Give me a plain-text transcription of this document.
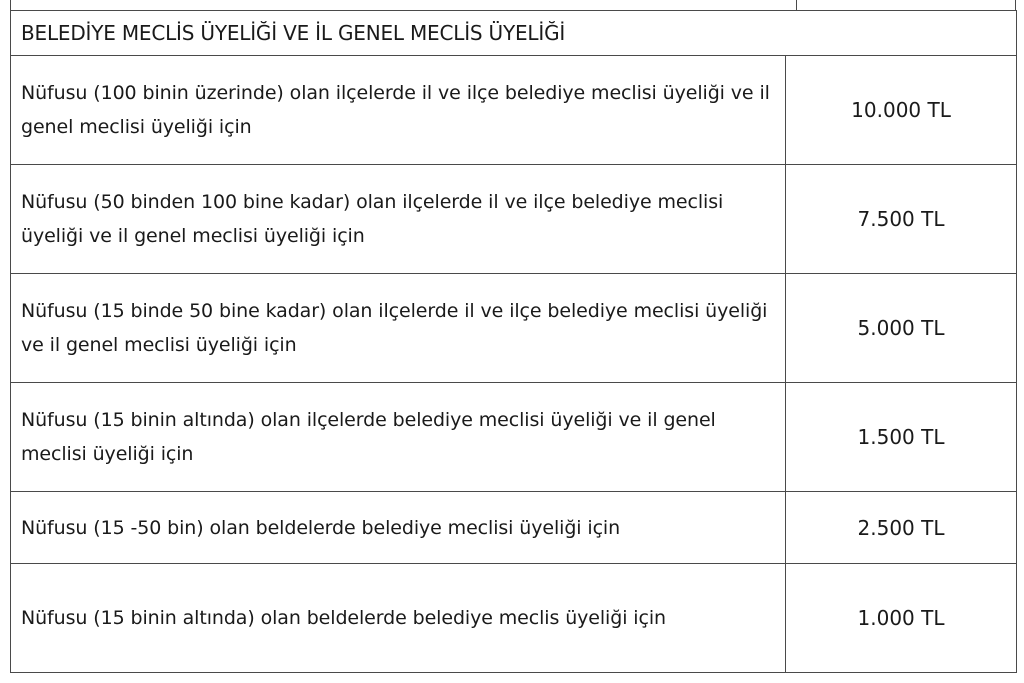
BELEDİYE MECLİS ÜYELİĞİ VE İL GENEL MECLİS ÜYELİĞİ	
Nüfusu (100 binin üzerinde) olan ilçelerde il ve ilçe belediye meclisi üyeliği ve il genel meclisi üyeliği için	10.000 TL
Nüfusu (50 binden 100 bine kadar) olan ilçelerde il ve ilçe belediye meclisi üyeliği ve il genel meclisi üyeliği için	7.500 TL
Nüfusu (15 binde 50 bine kadar) olan ilçelerde il ve ilçe belediye meclisi üyeliği ve il genel meclisi üyeliği için	5.000 TL
Nüfusu (15 binin altında) olan ilçelerde belediye meclisi üyeliği ve il genel meclisi üyeliği için	1.500 TL
Nüfusu (15 -50 bin) olan beldelerde belediye meclisi üyeliği için	2.500 TL
Nüfusu (15 binin altında) olan beldelerde belediye meclis üyeliği için	1.000 TL
